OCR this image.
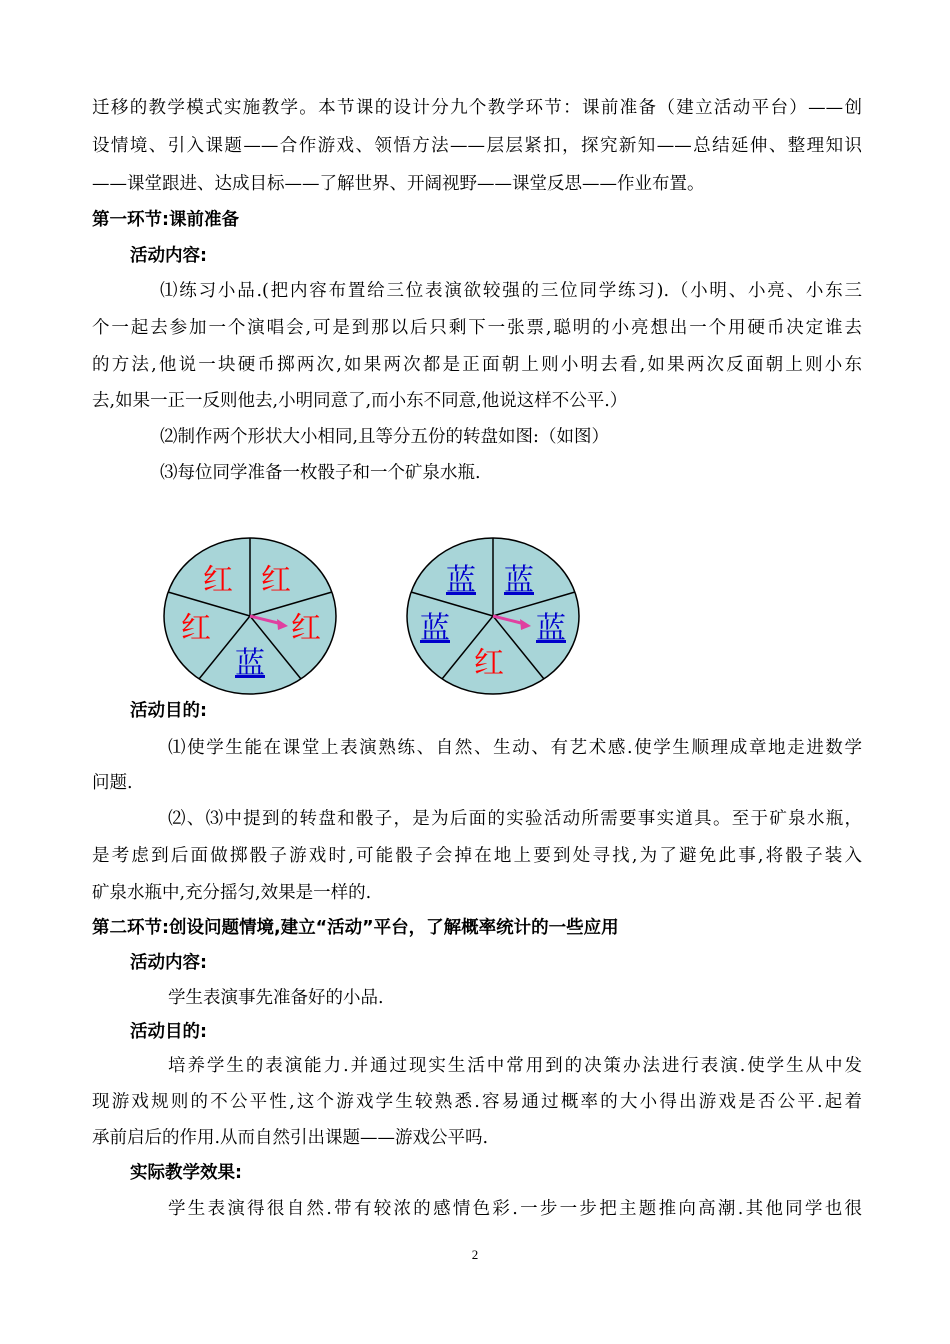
迁移的教学模式实施教学。本节课的设计分九个教学环节：课前准备（建立活动平台）——创
设情境、引入课题——合作游戏、领悟方法——层层紧扣，探究新知——总结延伸、整理知识
——课堂跟进、达成目标——了解世界、开阔视野——课堂反思——作业布置。
第一环节:课前准备
活动内容:
⑴练习小品.(把内容布置给三位表演欲较强的三位同学练习).（小明、小亮、小东三
个一起去参加一个演唱会,可是到那以后只剩下一张票,聪明的小亮想出一个用硬币决定谁去
的方法,他说一块硬币掷两次,如果两次都是正面朝上则小明去看,如果两次反面朝上则小东
去,如果一正一反则他去,小明同意了,而小东不同意,他说这样不公平.）
⑵制作两个形状大小相同,且等分五份的转盘如图:（如图）
⑶每位同学准备一枚骰子和一个矿泉水瓶.
红 红
红
蓝
红
蓝 蓝
蓝
红
蓝
活动目的:
⑴使学生能在课堂上表演熟练、自然、生动、有艺术感.使学生顺理成章地走进数学
问题.
⑵、⑶中提到的转盘和骰子，是为后面的实验活动所需要事实道具。至于矿泉水瓶，
是考虑到后面做掷骰子游戏时,可能骰子会掉在地上要到处寻找,为了避免此事,将骰子装入
矿泉水瓶中,充分摇匀,效果是一样的.
第二环节:创设问题情境,建立“活动”平台，了解概率统计的一些应用
活动内容:
学生表演事先准备好的小品.
活动目的:
培养学生的表演能力.并通过现实生活中常用到的决策办法进行表演.使学生从中发
现游戏规则的不公平性,这个游戏学生较熟悉.容易通过概率的大小得出游戏是否公平.起着
承前启后的作用.从而自然引出课题——游戏公平吗.
实际教学效果:
学生表演得很自然.带有较浓的感情色彩.一步一步把主题推向高潮.其他同学也很
2
